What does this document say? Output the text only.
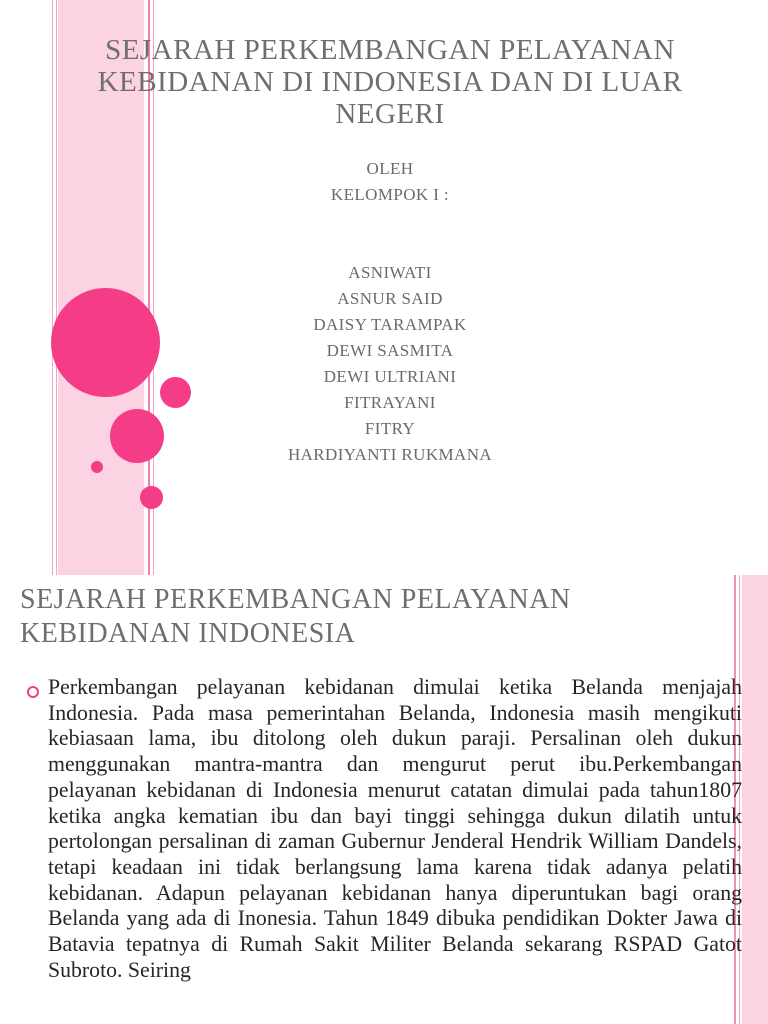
SEJARAH PERKEMBANGAN PELAYANAN KEBIDANAN DI INDONESIA DAN DI LUAR NEGERI
OLEH
KELOMPOK I :
ASNIWATI
ASNUR SAID
DAISY TARAMPAK
DEWI SASMITA
DEWI ULTRIANI
FITRAYANI
FITRY
HARDIYANTI RUKMANA
SEJARAH PERKEMBANGAN PELAYANAN KEBIDANAN INDONESIA
Perkembangan pelayanan kebidanan dimulai ketika Belanda menjajah Indonesia. Pada masa pemerintahan Belanda, Indonesia masih mengikuti kebiasaan lama, ibu ditolong oleh dukun paraji. Persalinan oleh dukun menggunakan mantra-mantra dan mengurut perut ibu.Perkembangan pelayanan kebidanan di Indonesia menurut catatan dimulai pada tahun1807 ketika angka kematian ibu dan bayi tinggi sehingga dukun dilatih untuk pertolongan persalinan di zaman Gubernur Jenderal Hendrik William Dandels, tetapi keadaan ini tidak berlangsung lama karena tidak adanya pelatih kebidanan. Adapun pelayanan kebidanan hanya diperuntukan bagi orang Belanda yang ada di Inonesia. Tahun 1849 dibuka pendidikan Dokter Jawa di Batavia tepatnya di Rumah Sakit Militer Belanda sekarang RSPAD Gatot Subroto. Seiring
